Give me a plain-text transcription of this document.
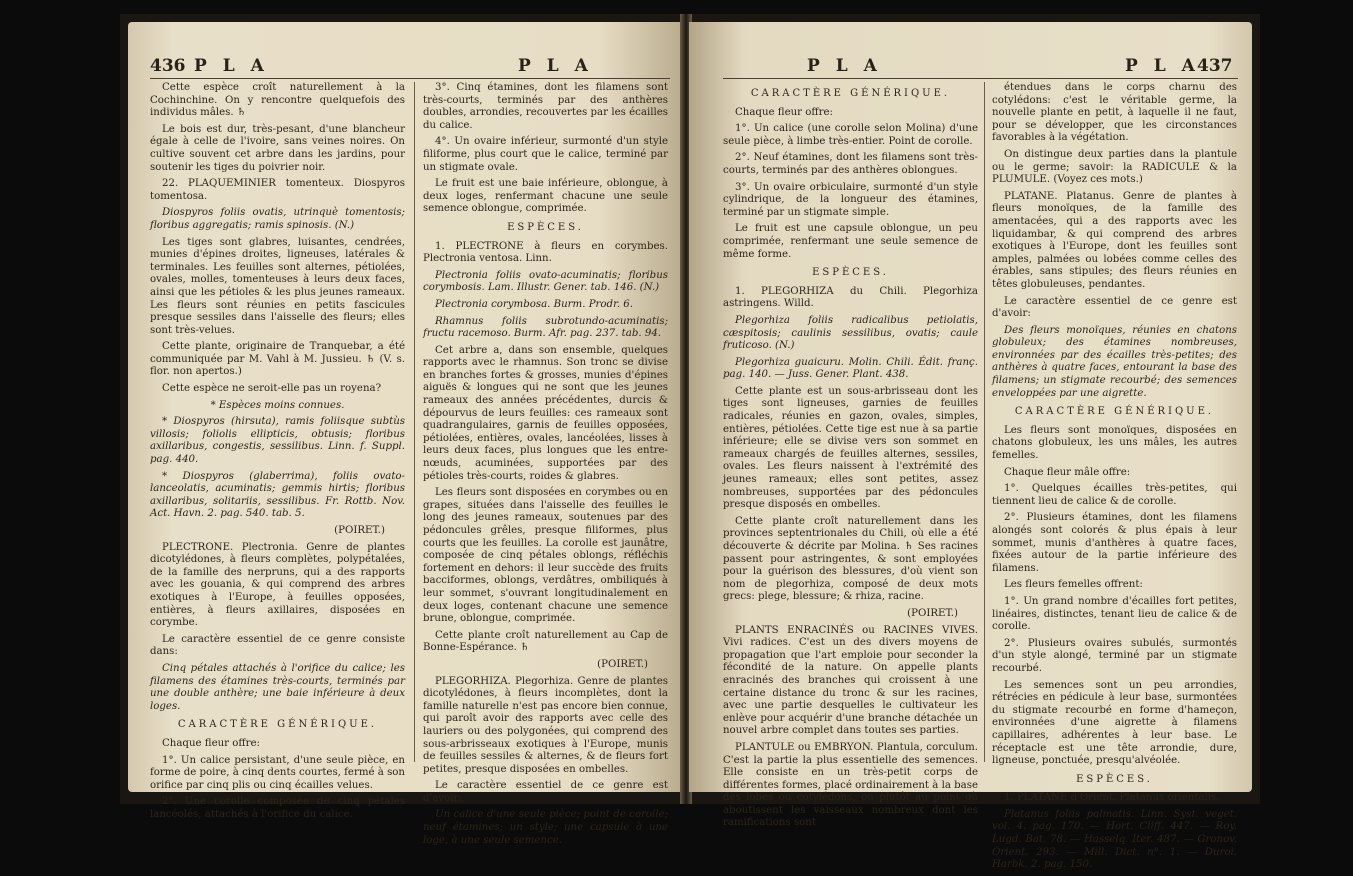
436 P L A	P L A

Cette espèce croît naturellement à la Cochinchine. On y rencontre quelquefois des individus mâles. ♄

Le bois est dur, très-pesant, d'une blancheur égale à celle de l'ivoire, sans veines noires. On cultive souvent cet arbre dans les jardins, pour soutenir les tiges du poivrier noir.

22. PLAQUEMINIER tomenteux. Diospyros tomentosa.

Diospyros foliis ovatis, utrinquè tomentosis; floribus aggregatis; ramis spinosis. (N.)

Les tiges sont glabres, luisantes, cendrées, munies d'épines droites, ligneuses, latérales & terminales. Les feuilles sont alternes, pétiolées, ovales, molles, tomenteuses à leurs deux faces, ainsi que les pétioles & les plus jeunes rameaux. Les fleurs sont réunies en petits fascicules presque sessiles dans l'aisselle des fleurs; elles sont très-velues.

Cette plante, originaire de Tranquebar, a été communiquée par M. Vahl à M. Jussieu. ♄ (V. s. flor. non apertos.)

Cette espèce ne seroit-elle pas un royena?

* Espèces moins connues.

* Diospyros (hirsuta), ramis foliisque subtùs villosis; foliolis ellipticis, obtusis; floribus axillaribus, congestis, sessilibus. Linn. f. Suppl. pag. 440.

* Diospyros (glaberrima), foliis ovato-lanceolatis, acuminatis; gemmis hirtis; floribus axillaribus, solitariis, sessilibus. Fr. Rottb. Nov. Act. Havn. 2. pag. 540. tab. 5.

(POIRET.)

PLECTRONE. Plectronia. Genre de plantes dicotylédones, à fleurs complètes, polypétalées, de la famille des nerpruns, qui a des rapports avec les gouania, & qui comprend des arbres exotiques à l'Europe, à feuilles opposées, entières, à fleurs axillaires, disposées en corymbe.

Le caractère essentiel de ce genre consiste dans:

Cinq pétales attachés à l'orifice du calice; les filamens des étamines très-courts, terminés par une double anthère; une baie inférieure à deux loges.

CARACTÈRE GÉNÉRIQUE.

Chaque fleur offre:

1°. Un calice persistant, d'une seule pièce, en forme de poire, à cinq dents courtes, fermé à son orifice par cinq plis ou cinq écailles velues.

2°. Une corolle composée de cinq pétales lancéolés, attachés à l'orifice du calice.

3°. Cinq étamines, dont les filamens sont très-courts, terminés par des anthères doubles, arrondies, recouvertes par les écailles du calice.

4°. Un ovaire inférieur, surmonté d'un style filiforme, plus court que le calice, terminé par un stigmate ovale.

Le fruit est une baie inférieure, oblongue, à deux loges, renfermant chacune une seule semence oblongue, comprimée.

ESPÈCES.

1. PLECTRONE à fleurs en corymbes. Plectronia ventosa. Linn.

Plectronia foliis ovato-acuminatis; floribus corymbosis. Lam. Illustr. Gener. tab. 146. (N.)

Plectronia corymbosa. Burm. Prodr. 6.

Rhamnus foliis subrotundo-acuminatis; fructu racemoso. Burm. Afr. pag. 237. tab. 94.

Cet arbre a, dans son ensemble, quelques rapports avec le rhamnus. Son tronc se divise en branches fortes & grosses, munies d'épines aiguës & longues qui ne sont que les jeunes rameaux des années précédentes, durcis & dépourvus de leurs feuilles: ces rameaux sont quadrangulaires, garnis de feuilles opposées, pétiolées, entières, ovales, lancéolées, lisses à leurs deux faces, plus longues que les entre-nœuds, acuminées, supportées par des pétioles très-courts, roides & glabres.

Les fleurs sont disposées en corymbes ou en grapes, situées dans l'aisselle des feuilles le long des jeunes rameaux, soutenues par des pédoncules grêles, presque filiformes, plus courts que les feuilles. La corolle est jaunâtre, composée de cinq pétales oblongs, réfléchis fortement en dehors: il leur succède des fruits bacciformes, oblongs, verdâtres, ombiliqués à leur sommet, s'ouvrant longitudinalement en deux loges, contenant chacune une semence brune, oblongue, comprimée.

Cette plante croît naturellement au Cap de Bonne-Espérance. ♄

(POIRET.)

PLEGORHIZA. Plegorhiza. Genre de plantes dicotylédones, à fleurs incomplètes, dont la famille naturelle n'est pas encore bien connue, qui paroît avoir des rapports avec celle des lauriers ou des polygonées, qui comprend des sous-arbrisseaux exotiques à l'Europe, munis de feuilles sessiles & alternes, & de fleurs fort petites, presque disposées en ombelles.

Le caractère essentiel de ce genre est d'avoir:

Un calice d'une seule pièce; point de corolle; neuf étamines; un style; une capsule à une loge, à une seule semence.

P L A	P L A
437

CARACTÈRE GÉNÉRIQUE.

Chaque fleur offre:

1°. Un calice (une corolle selon Molina) d'une seule pièce, à limbe très-entier. Point de corolle.

2°. Neuf étamines, dont les filamens sont très-courts, terminés par des anthères oblongues.

3°. Un ovaire orbiculaire, surmonté d'un style cylindrique, de la longueur des étamines, terminé par un stigmate simple.

Le fruit est une capsule oblongue, un peu comprimée, renfermant une seule semence de même forme.

ESPÈCES.

1. PLEGORHIZA du Chili. Plegorhiza astringens. Willd.

Plegorhiza foliis radicalibus petiolatis, cæspitosis; caulinis sessilibus, ovatis; caule fruticoso. (N.)

Plegorhiza guaicuru. Molin. Chili. Édit. franç. pag. 140. — Juss. Gener. Plant. 438.

Cette plante est un sous-arbrisseau dont les tiges sont ligneuses, garnies de feuilles radicales, réunies en gazon, ovales, simples, entières, pétiolées. Cette tige est nue à sa partie inférieure; elle se divise vers son sommet en rameaux chargés de feuilles alternes, sessiles, ovales. Les fleurs naissent à l'extrémité des jeunes rameaux; elles sont petites, assez nombreuses, supportées par des pédoncules presque disposés en ombelles.

Cette plante croît naturellement dans les provinces septentrionales du Chili, où elle a été découverte & décrite par Molina. ♄ Ses racines passent pour astringentes, & sont employées pour la guérison des blessures, d'où vient son nom de plegorhiza, composé de deux mots grecs: plege, blessure; & rhiza, racine.

(POIRET.)

PLANTS ENRACINÉS ou RACINES VIVES. Vivi radices. C'est un des divers moyens de propagation que l'art emploie pour seconder la fécondité de la nature. On appelle plants enracinés des branches qui croissent à une certaine distance du tronc & sur les racines, avec une partie desquelles le cultivateur les enlève pour acquérir d'une branche détachée un nouvel arbre complet dans toutes ses parties.

PLANTULE ou EMBRYON. Plantula, corculum. C'est la partie la plus essentielle des semences. Elle consiste en un très-petit corps de différentes formes, placé ordinairement à la base des lobes ou cotylédons, ou plutôt au point où aboutissent les vaisseaux nombreux dont les ramifications sont

étendues dans le corps charnu des cotylédons: c'est le véritable germe, la nouvelle plante en petit, à laquelle il ne faut, pour se développer, que les circonstances favorables à la végétation.

On distingue deux parties dans la plantule ou le germe; savoir: la RADICULE & la PLUMULE. (Voyez ces mots.)

PLATANE. Platanus. Genre de plantes à fleurs monoïques, de la famille des amentacées, qui a des rapports avec les liquidambar, & qui comprend des arbres exotiques à l'Europe, dont les feuilles sont amples, palmées ou lobées comme celles des érables, sans stipules; des fleurs réunies en têtes globuleuses, pendantes.

Le caractère essentiel de ce genre est d'avoir:

Des fleurs monoïques, réunies en chatons globuleux; des étamines nombreuses, environnées par des écailles très-petites; des anthères à quatre faces, entourant la base des filamens; un stigmate recourbé; des semences enveloppées par une aigrette.

CARACTÈRE GÉNÉRIQUE.

Les fleurs sont monoïques, disposées en chatons globuleux, les uns mâles, les autres femelles.

Chaque fleur mâle offre:

1°. Quelques écailles très-petites, qui tiennent lieu de calice & de corolle.

2°. Plusieurs étamines, dont les filamens alongés sont colorés & plus épais à leur sommet, munis d'anthères à quatre faces, fixées autour de la partie inférieure des filamens.

Les fleurs femelles offrent:

1°. Un grand nombre d'écailles fort petites, linéaires, distinctes, tenant lieu de calice & de corolle.

2°. Plusieurs ovaires subulés, surmontés d'un style alongé, terminé par un stigmate recourbé.

Les semences sont un peu arrondies, rétrécies en pédicule à leur base, surmontées du stigmate recourbé en forme d'hameçon, environnées d'une aigrette à filamens capillaires, adhérentes à leur base. Le réceptacle est une tête arrondie, dure, ligneuse, ponctuée, presqu'alvéolée.

ESPÈCES.

1. PLATANE d'Orient. Platanus orientalis.

Platanus foliis palmatis. Linn. Syst. veget. vol. 4. pag. 170. — Hort. Cliff. 447. — Roy. Lugd. Bat. 78. — Hasselq. Iter. 487. — Gronov. Orient. 293. — Mill. Dict. n°. 1. — Duroi. Harbk. 2. pag. 150.
